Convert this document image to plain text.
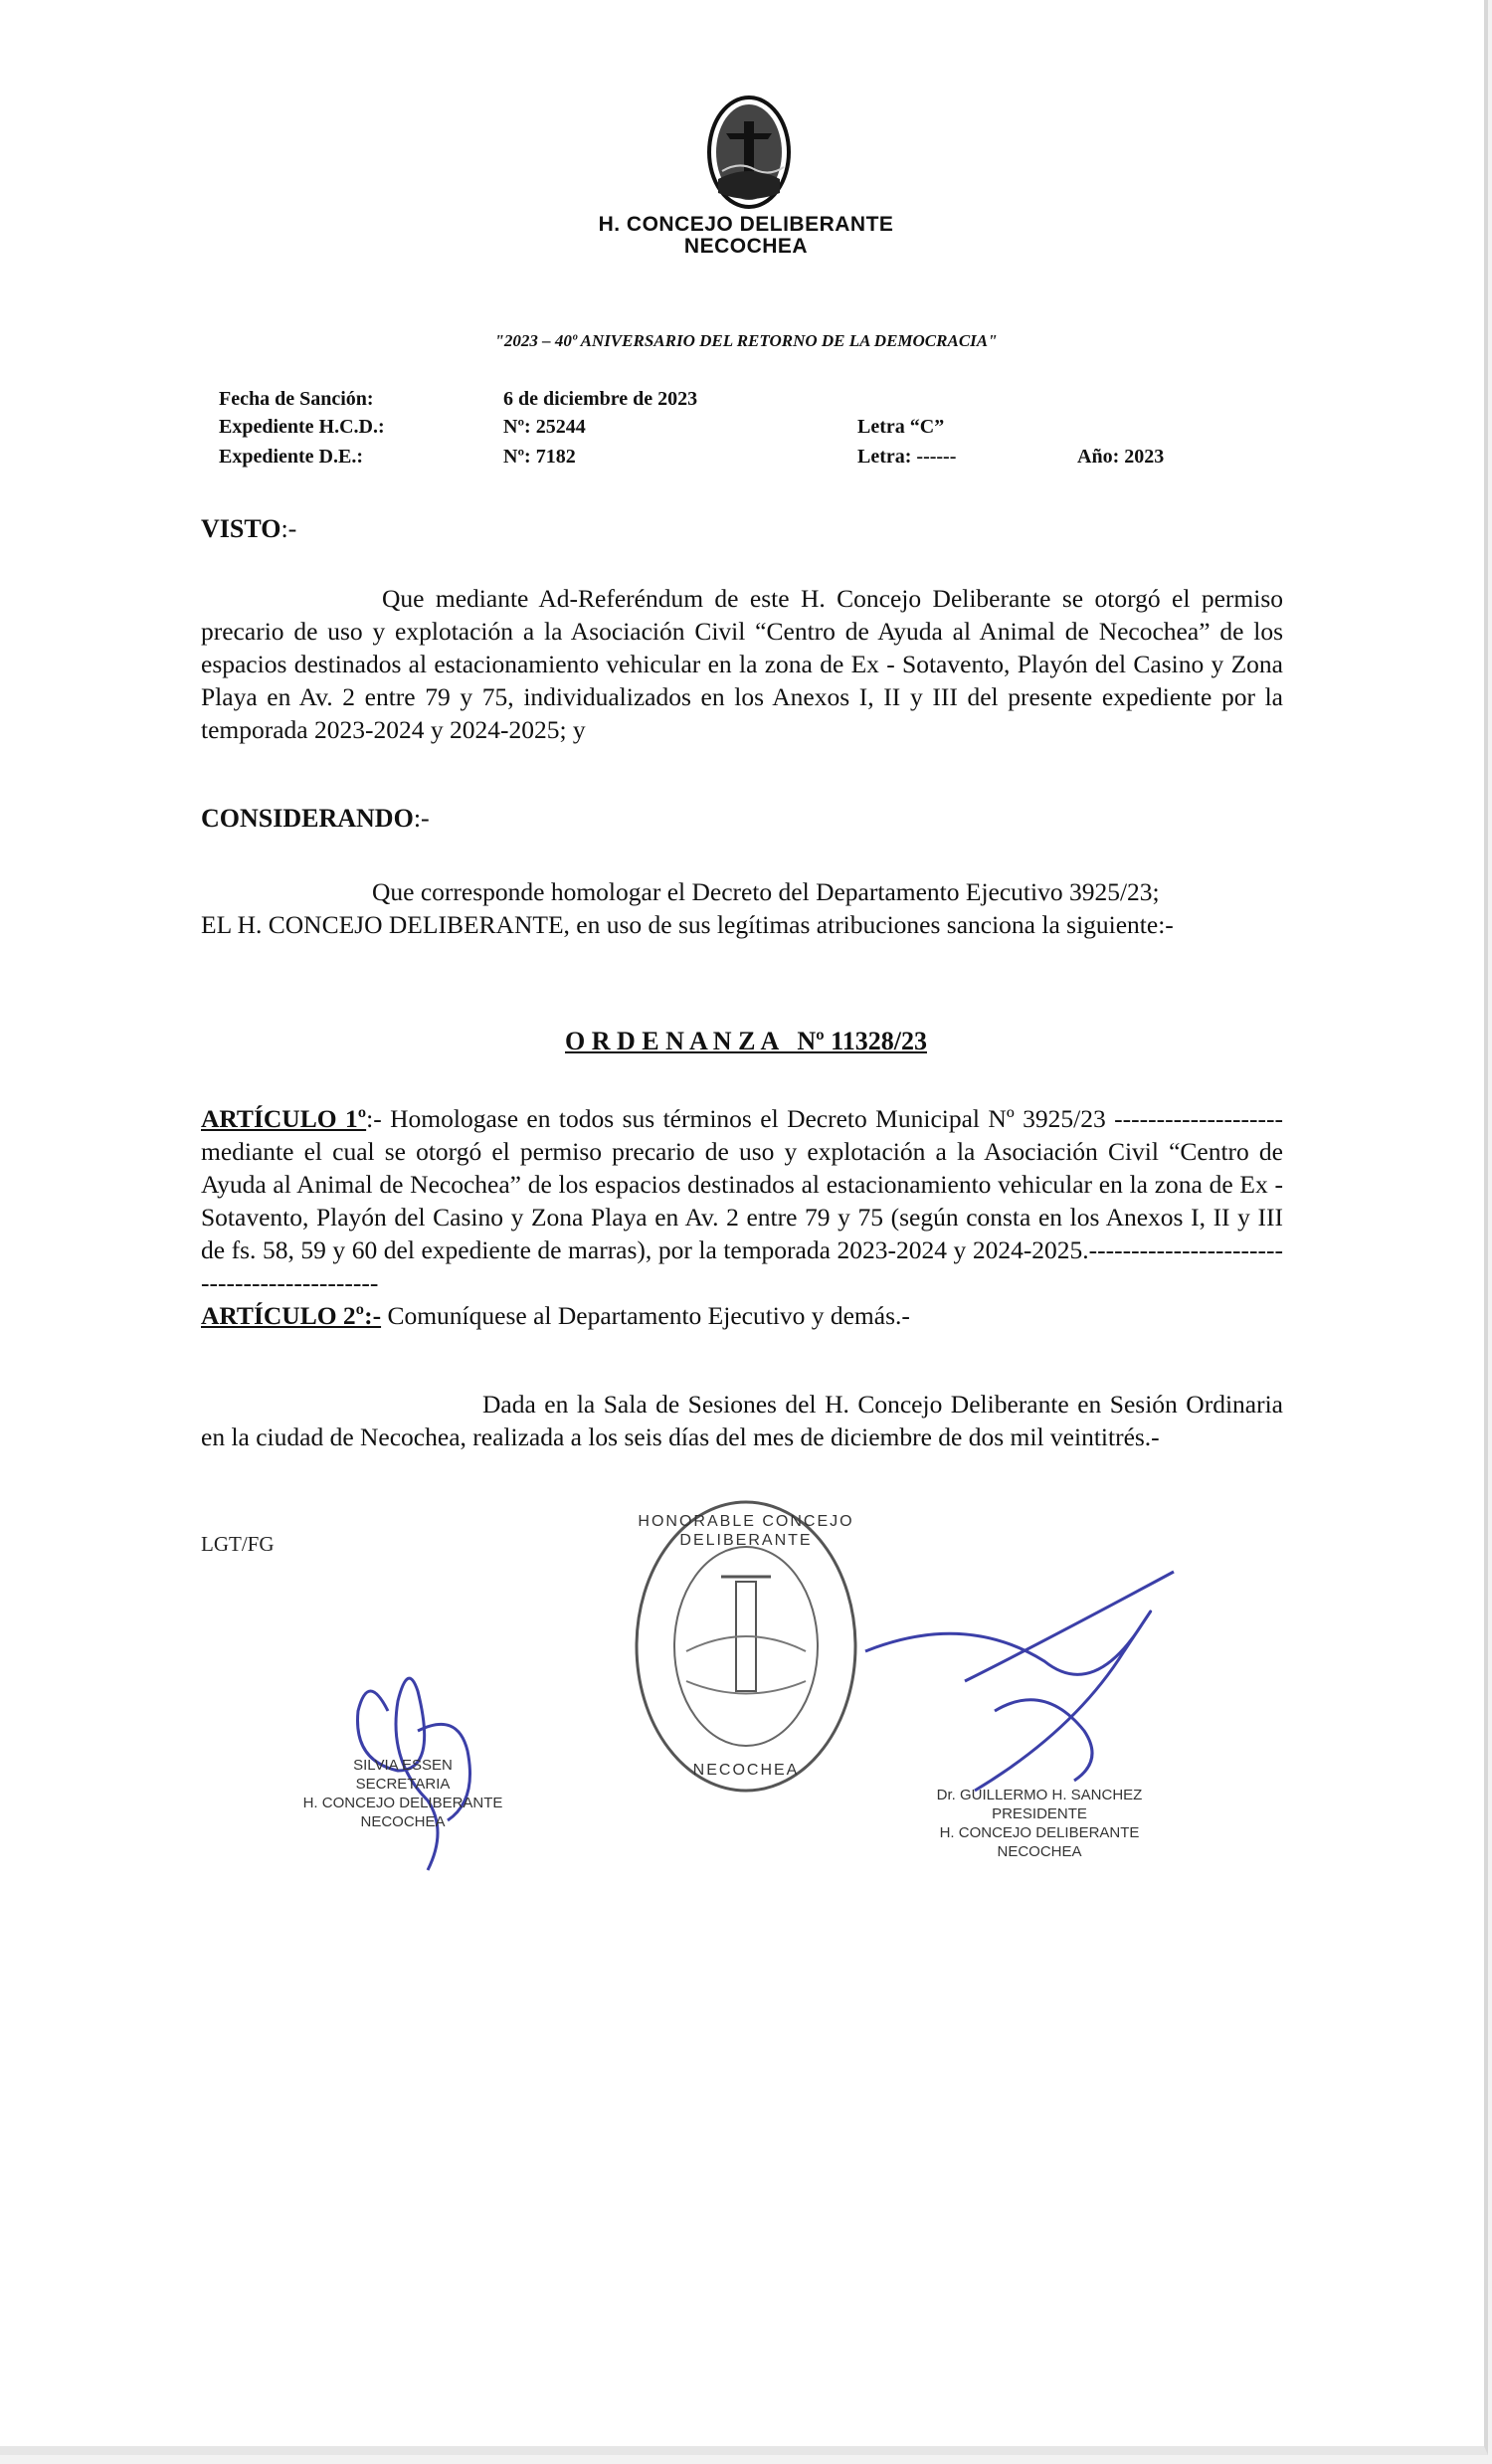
H. CONCEJO DELIBERANTE
NECOCHEA
"2023 – 40º ANIVERSARIO DEL RETORNO DE LA DEMOCRACIA"
Fecha de Sanción:	6 de diciembre de 2023
Expediente H.C.D.:	Nº: 25244	Letra “C”
Expediente D.E.:	Nº: 7182	Letra: ------	Año: 2023
VISTO:-

Que mediante Ad-Referéndum de este H. Concejo Deliberante se otorgó el permiso precario de uso y explotación a la Asociación Civil “Centro de Ayuda al Animal de Necochea” de los espacios destinados al estacionamiento vehicular en la zona de Ex - Sotavento, Playón del Casino y Zona Playa en Av. 2 entre 79 y 75, individualizados en los Anexos I, II y III del presente expediente por la temporada 2023-2024 y 2024-2025; y

CONSIDERANDO:-

Que corresponde homologar el Decreto del Departamento Ejecutivo 3925/23;

EL H. CONCEJO DELIBERANTE, en uso de sus legítimas atribuciones sanciona la siguiente:-

O R D E N A N Z A   Nº 11328/23

ARTÍCULO 1º:- Homologase en todos sus términos el Decreto Municipal Nº 3925/23 -------------------- mediante el cual se otorgó el permiso precario de uso y explotación a la Asociación Civil “Centro de Ayuda al Animal de Necochea” de los espacios destinados al estacionamiento vehicular en la zona de Ex - Sotavento, Playón del Casino y Zona Playa en Av. 2 entre 79 y 75 (según consta en los Anexos I, II y III de fs. 58, 59 y 60 del expediente de marras), por la temporada 2023-2024 y 2024-2025.--------------------------------------------

ARTÍCULO 2º:- Comuníquese al Departamento Ejecutivo y demás.-

Dada en la Sala de Sesiones del H. Concejo Deliberante en Sesión Ordinaria en la ciudad de Necochea, realizada a los seis días del mes de diciembre de dos mil veintitrés.-

LGT/FG
HONORABLE CONCEJO DELIBERANTE
NECOCHEA
SILVIA ESSEN
SECRETARIA
H. CONCEJO DELIBERANTE
NECOCHEA
Dr. GUILLERMO H. SANCHEZ
PRESIDENTE
H. CONCEJO DELIBERANTE
NECOCHEA
